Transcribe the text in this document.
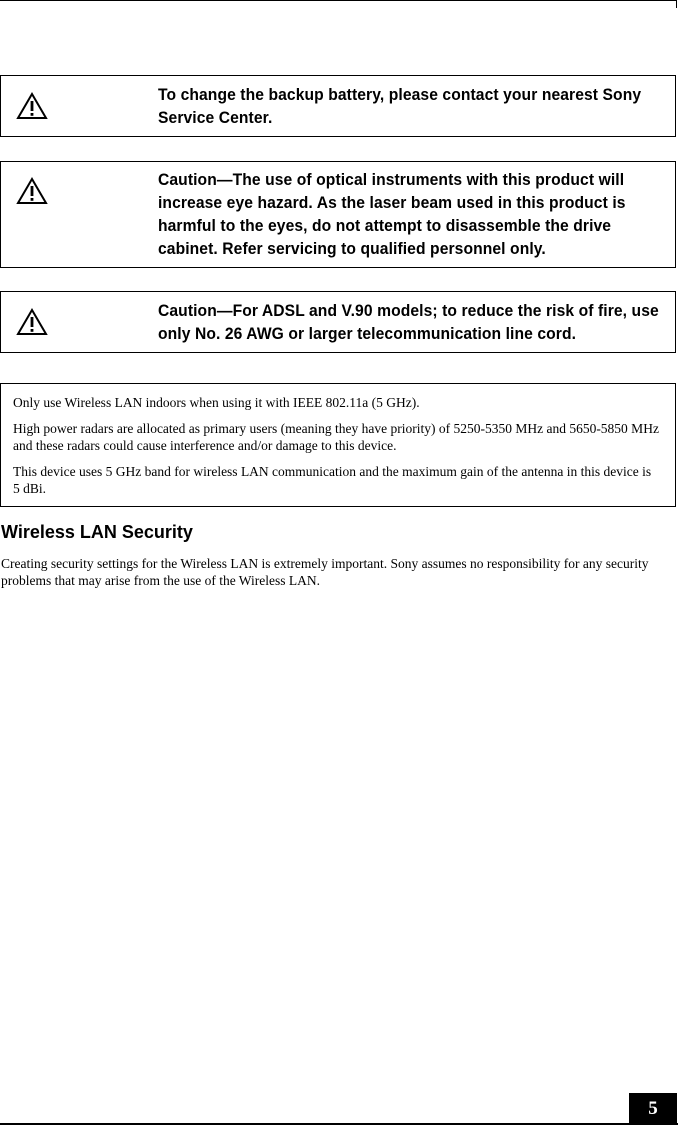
To change the backup battery, please contact your nearest Sony Service Center.
Caution—The use of optical instruments with this product will increase eye hazard. As the laser beam used in this product is harmful to the eyes, do not attempt to disassemble the drive cabinet. Refer servicing to qualified personnel only.
Caution—For ADSL and V.90 models; to reduce the risk of fire, use only No. 26 AWG or larger telecommunication line cord.

Only use Wireless LAN indoors when using it with IEEE 802.11a (5 GHz).

High power radars are allocated as primary users (meaning they have priority) of 5250-5350 MHz and 5650-5850 MHz and these radars could cause interference and/or damage to this device.

This device uses 5 GHz band for wireless LAN communication and the maximum gain of the antenna in this device is 5 dBi.

Wireless LAN Security

Creating security settings for the Wireless LAN is extremely important. Sony assumes no responsibility for any security problems that may arise from the use of the Wireless LAN.

5
